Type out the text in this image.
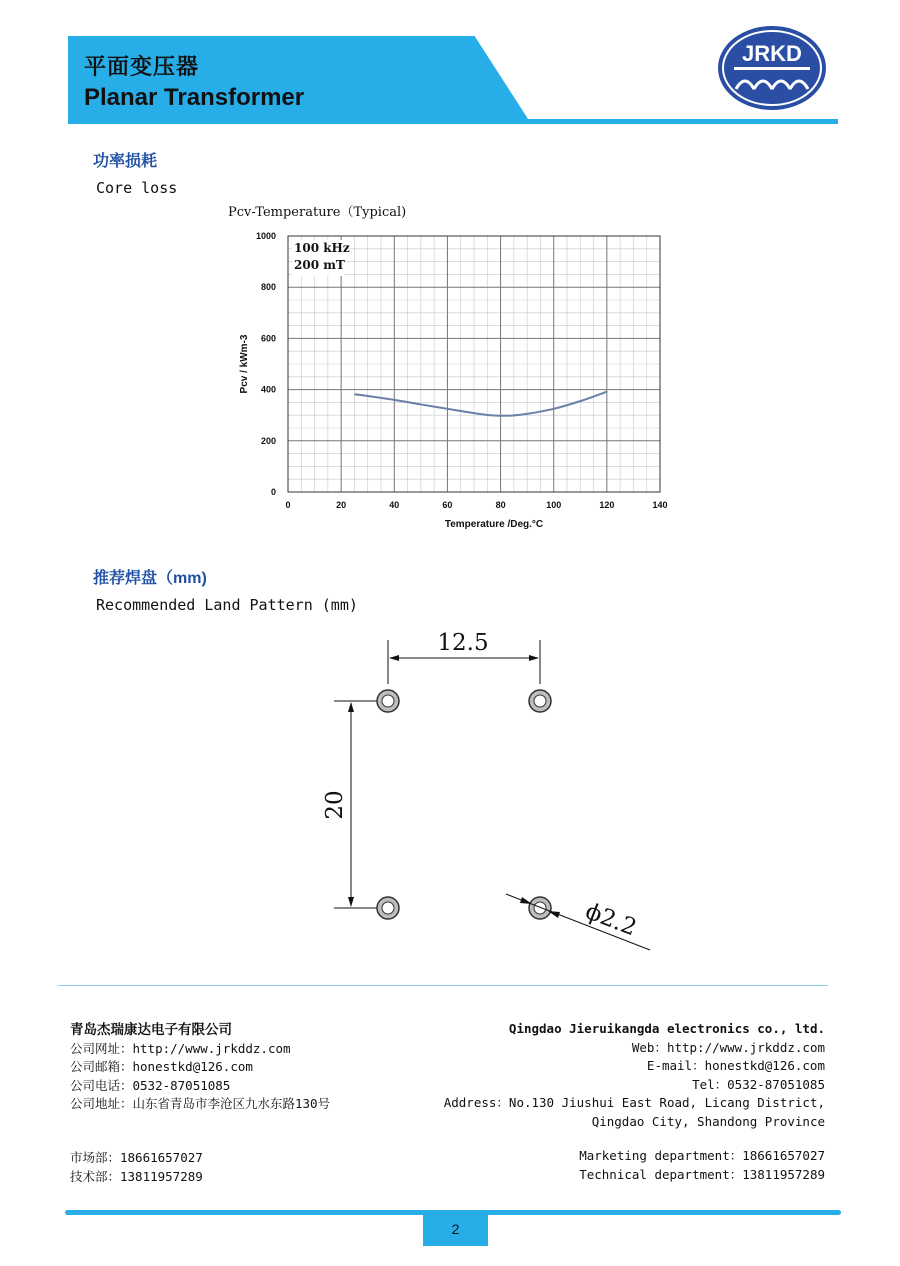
平面变压器
Planar Transformer
JRKD
功率损耗
Core loss
Pcv-Temperature（Typical)
0	20	40	60	80	100	120	140
0
200
400
600
800
1000
Temperature /Deg.°C
Pcv / kWm-3
100 kHz
200 mT
推荐焊盘（mm)
Recommended Land Pattern (mm)
12.5
20
ϕ2.2
青岛杰瑞康达电子有限公司
公司网址：http://www.jrkddz.com
公司邮箱：honestkd@126.com
公司电话：0532-87051085
公司地址：山东省青岛市李沧区九水东路130号
Qingdao Jieruikangda electronics co., ltd.
Web：http://www.jrkddz.com
E-mail：honestkd@126.com
Tel：0532-87051085
Address：No.130 Jiushui East Road, Licang District,
Qingdao City, Shandong Province
市场部：18661657027
技术部：13811957289
Marketing department：18661657027
Technical department：13811957289
2
